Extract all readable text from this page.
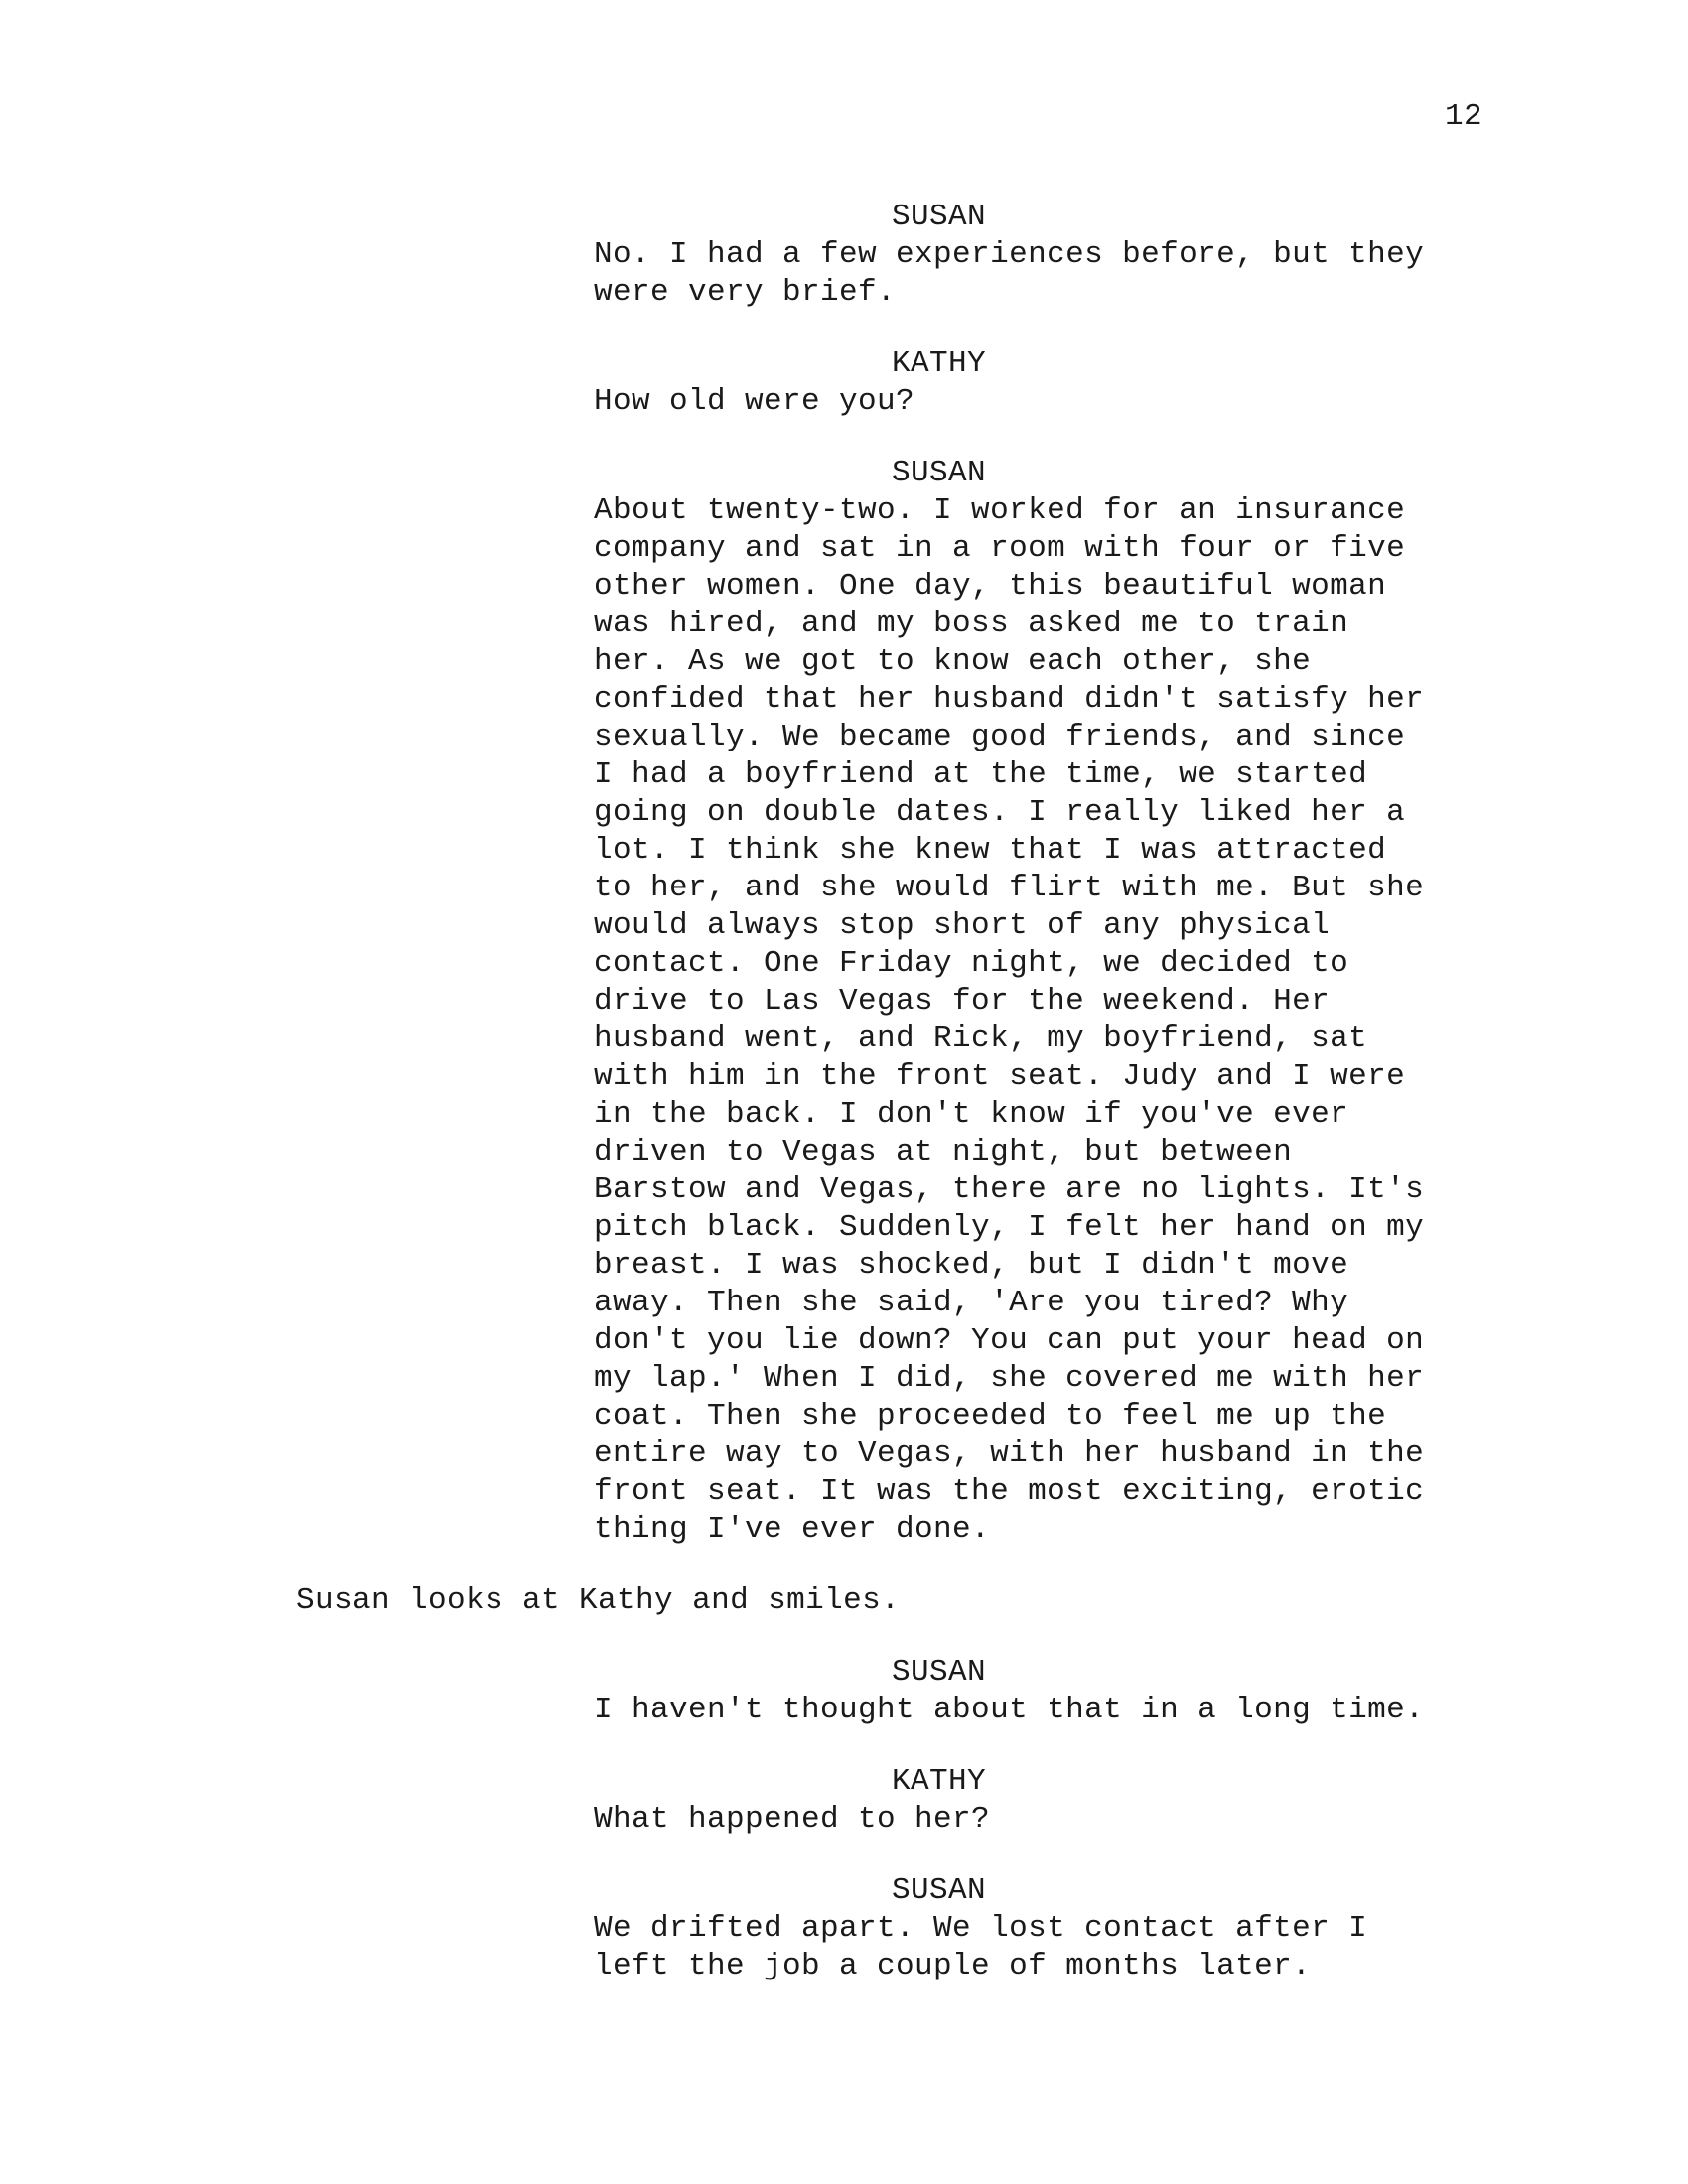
12
SUSAN
No. I had a few experiences before, but they
were very brief.
KATHY
How old were you?
SUSAN
About twenty-two. I worked for an insurance
company and sat in a room with four or five
other women. One day, this beautiful woman
was hired, and my boss asked me to train
her. As we got to know each other, she
confided that her husband didn't satisfy her
sexually. We became good friends, and since
I had a boyfriend at the time, we started
going on double dates. I really liked her a
lot. I think she knew that I was attracted
to her, and she would flirt with me. But she
would always stop short of any physical
contact. One Friday night, we decided to
drive to Las Vegas for the weekend. Her
husband went, and Rick, my boyfriend, sat
with him in the front seat. Judy and I were
in the back. I don't know if you've ever
driven to Vegas at night, but between
Barstow and Vegas, there are no lights. It's
pitch black. Suddenly, I felt her hand on my
breast. I was shocked, but I didn't move
away. Then she said, 'Are you tired? Why
don't you lie down? You can put your head on
my lap.' When I did, she covered me with her
coat. Then she proceeded to feel me up the
entire way to Vegas, with her husband in the
front seat. It was the most exciting, erotic
thing I've ever done.
Susan looks at Kathy and smiles.
SUSAN
I haven't thought about that in a long time.
KATHY
What happened to her?
SUSAN
We drifted apart. We lost contact after I
left the job a couple of months later.
